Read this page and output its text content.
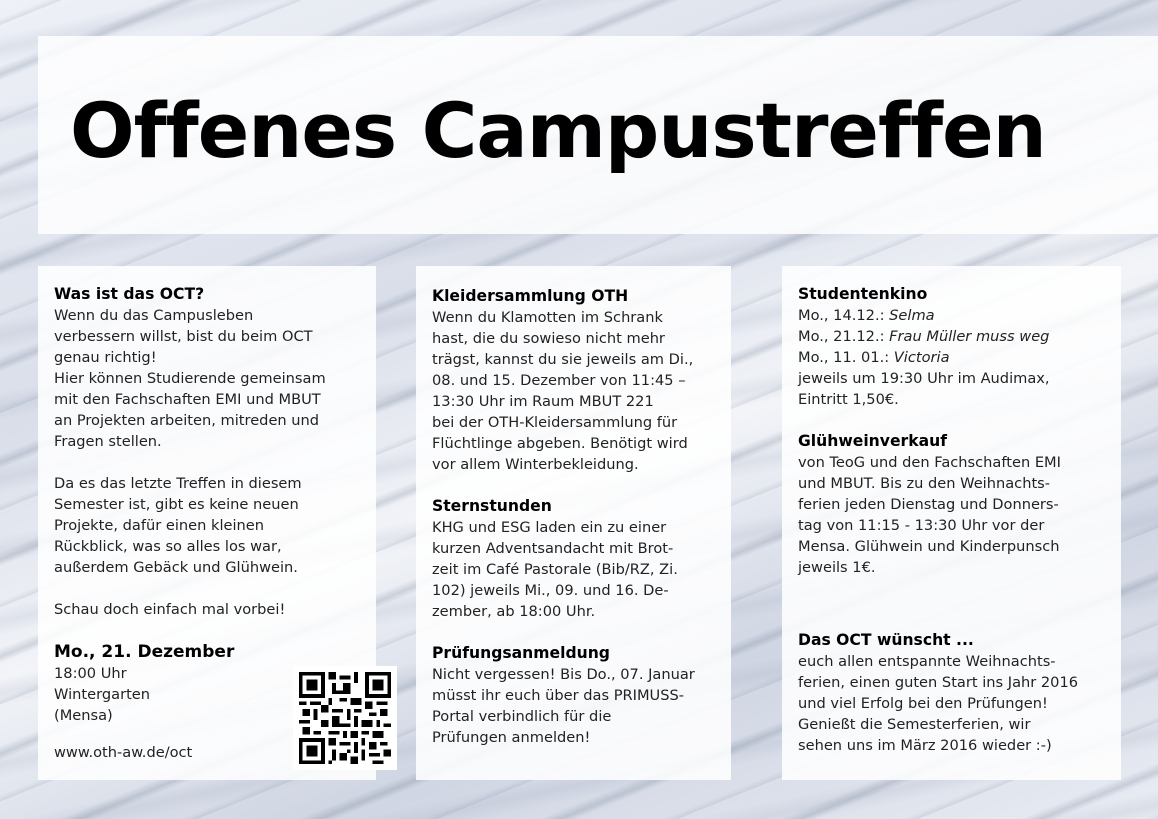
Offenes Campustreffen
Was ist das OCT?
Wenn du das Campusleben
verbessern willst, bist du beim OCT
genau richtig!
Hier können Studierende gemeinsam
mit den Fachschaften EMI und MBUT
an Projekten arbeiten, mitreden und
Fragen stellen.
Da es das letzte Treffen in diesem
Semester ist, gibt es keine neuen
Projekte, dafür einen kleinen
Rückblick, was so alles los war,
außerdem Gebäck und Glühwein.
Schau doch einfach mal vorbei!
Mo., 21. Dezember
18:00 Uhr
Wintergarten
(Mensa)
www.oth-aw.de/oct
Kleidersammlung OTH
Wenn du Klamotten im Schrank
hast, die du sowieso nicht mehr
trägst, kannst du sie jeweils am Di.,
08. und 15. Dezember von 11:45 –
13:30 Uhr im Raum MBUT 221
bei der OTH-Kleidersammlung für
Flüchtlinge abgeben. Benötigt wird
vor allem Winterbekleidung.
Sternstunden
KHG und ESG laden ein zu einer
kurzen Adventsandacht mit Brot-
zeit im Café Pastorale (Bib/RZ, Zi.
102) jeweils Mi., 09. und 16. De-
zember, ab 18:00 Uhr.
Prüfungsanmeldung
Nicht vergessen! Bis Do., 07. Januar
müsst ihr euch über das PRIMUSS-
Portal verbindlich für die
Prüfungen anmelden!
Studentenkino
Mo., 14.12.: Selma
Mo., 21.12.: Frau Müller muss weg
Mo., 11. 01.: Victoria
jeweils um 19:30 Uhr im Audimax,
Eintritt 1,50€.
Glühweinverkauf
von TeoG und den Fachschaften EMI
und MBUT. Bis zu den Weihnachts-
ferien jeden Dienstag und Donners-
tag von 11:15 - 13:30 Uhr vor der
Mensa. Glühwein und Kinderpunsch
jeweils 1€.
Das OCT wünscht ...
euch allen entspannte Weihnachts-
ferien, einen guten Start ins Jahr 2016
und viel Erfolg bei den Prüfungen!
Genießt die Semesterferien, wir
sehen uns im März 2016 wieder :-)
